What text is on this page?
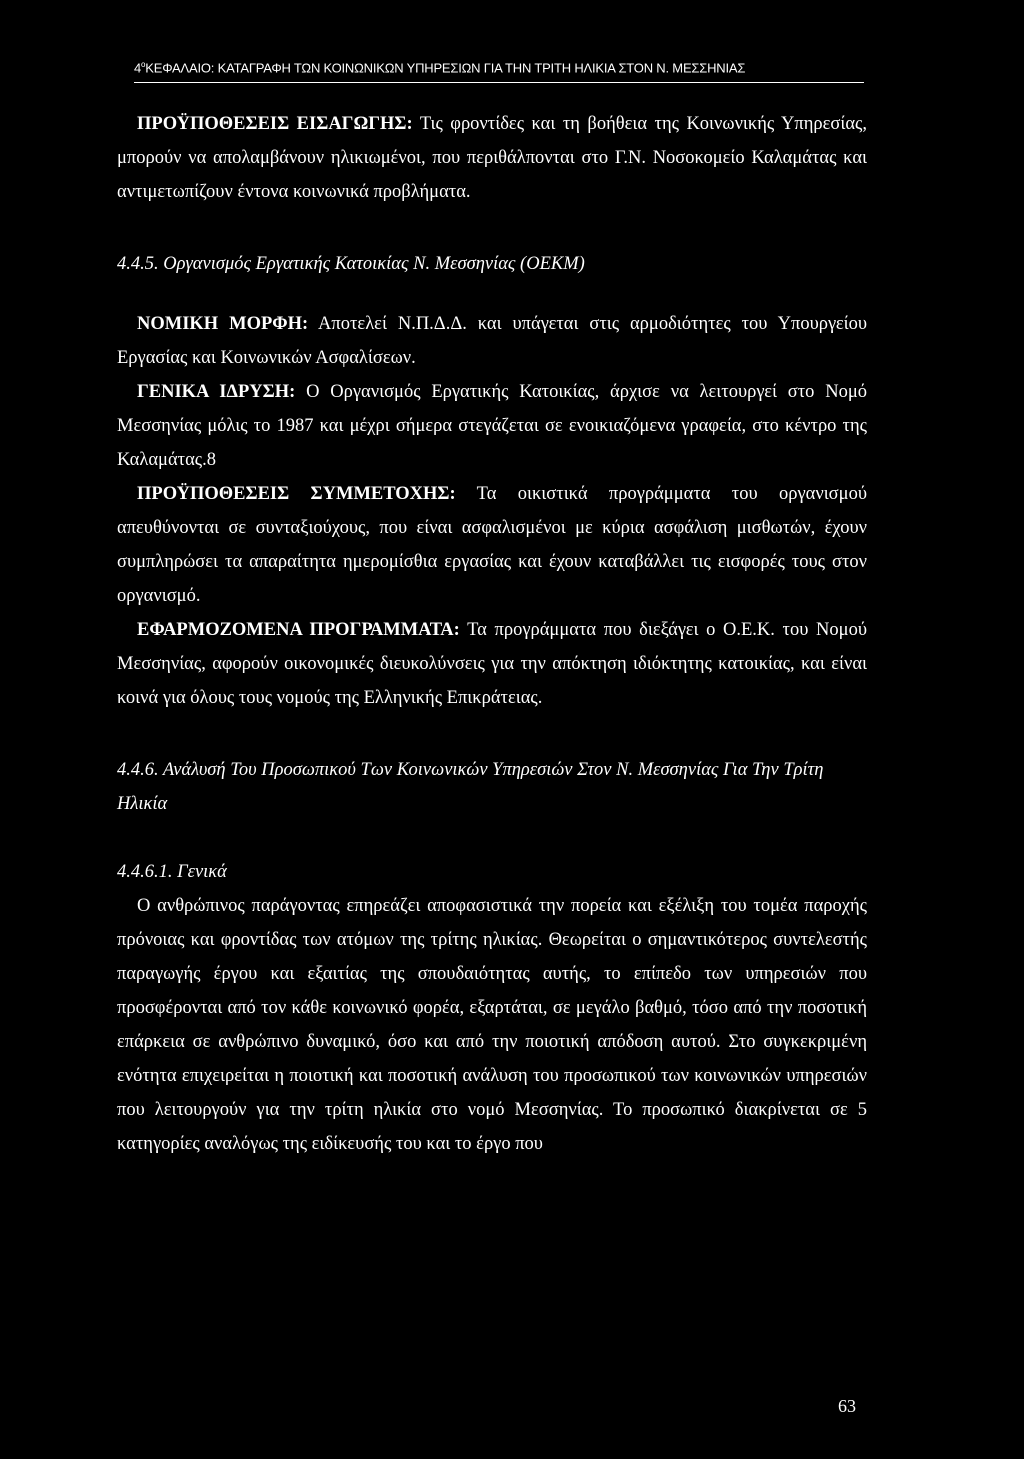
$4^oKE\Phi A\Lambda AIO$: ΚΑΤΑΓΡΑΦΗ ΤΩΝ ΚΟΙΝΩΝΙΚΩΝ ΥΠΗΡΕΣΙΩΝ ΓΙΑ ΤΗΝ ΤΡΙΤΗ ΗΛΙΚΙΑ ΣΤΟΝ Ν. ΜΕΣΣΗΝΙΑΣ

ΠΡΟΫΠΟΘΕΣΕΙΣ ΕΙΣΑΓΩΓΗΣ: Τις φροντίδες και τη βοήθεια της Κοινωνικής Υπηρεσίας, μπορούν να απολαμβάνουν ηλικιωμένοι, που περιθάλπονται στο Γ.Ν. Νοσοκομείο Καλαμάτας και αντιμετωπίζουν έντονα κοινωνικά προβλήματα.

4.4.5. Οργανισμός Εργατικής Κατοικίας Ν. Μεσσηνίας (ΟΕΚΜ)

ΝΟΜΙΚΗ ΜΟΡΦΗ: Αποτελεί Ν.Π.Δ.Δ. και υπάγεται στις αρμοδιότητες του Υπουργείου Εργασίας και Κοινωνικών Ασφαλίσεων.

ΓΕΝΙΚΑ ΙΔΡΥΣΗ: Ο Οργανισμός Εργατικής Κατοικίας, άρχισε να λειτουργεί στο Νομό Μεσσηνίας μόλις το 1987 και μέχρι σήμερα στεγάζεται σε ενοικιαζόμενα γραφεία, στο κέντρο της Καλαμάτας.8

ΠΡΟΫΠΟΘΕΣΕΙΣ ΣΥΜΜΕΤΟΧΗΣ: Τα οικιστικά προγράμματα του οργανισμού απευθύνονται σε συνταξιούχους, που είναι ασφαλισμένοι με κύρια ασφάλιση μισθωτών, έχουν συμπληρώσει τα απαραίτητα ημερομίσθια εργασίας και έχουν καταβάλλει τις εισφορές τους στον οργανισμό.

ΕΦΑΡΜΟΖΟΜΕΝΑ ΠΡΟΓΡΑΜΜΑΤΑ: Τα προγράμματα που διεξάγει ο Ο.Ε.Κ. του Νομού Μεσσηνίας, αφορούν οικονομικές διευκολύνσεις για την απόκτηση ιδιόκτητης κατοικίας, και είναι κοινά για όλους τους νομούς της Ελληνικής Επικράτειας.

4.4.6. Ανάλυσή Του Προσωπικού Των Κοινωνικών Υπηρεσιών Στον Ν. Μεσσηνίας Για Την Τρίτη Ηλικία

4.4.6.1. Γενικά

Ο ανθρώπινος παράγοντας επηρεάζει αποφασιστικά την πορεία και εξέλιξη του τομέα παροχής πρόνοιας και φροντίδας των ατόμων της τρίτης ηλικίας. Θεωρείται ο σημαντικότερος συντελεστής παραγωγής έργου και εξαιτίας της σπουδαιότητας αυτής, το επίπεδο των υπηρεσιών που προσφέρονται από τον κάθε κοινωνικό φορέα, εξαρτάται, σε μεγάλο βαθμό, τόσο από την ποσοτική επάρκεια σε ανθρώπινο δυναμικό, όσο και από την ποιοτική απόδοση αυτού. Στο συγκεκριμένη ενότητα επιχειρείται η ποιοτική και ποσοτική ανάλυση του προσωπικού των κοινωνικών υπηρεσιών που λειτουργούν για την τρίτη ηλικία στο νομό Μεσσηνίας. Το προσωπικό διακρίνεται σε 5 κατηγορίες αναλόγως της ειδίκευσής του και το έργο που

63
